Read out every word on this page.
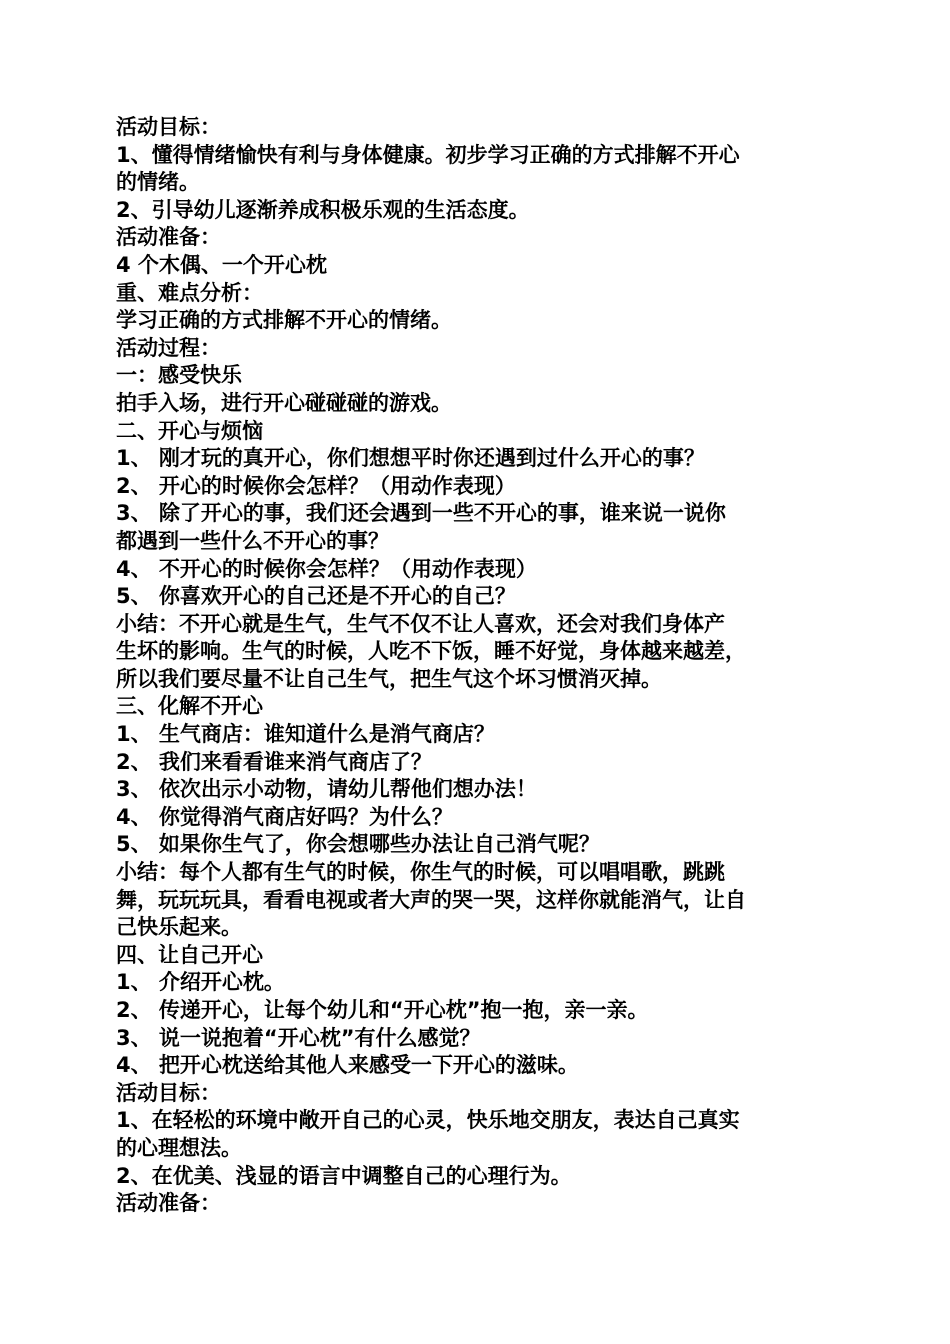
活动目标：

1、懂得情绪愉快有利与身体健康。初步学习正确的方式排解不开心

的情绪。

2、引导幼儿逐渐养成积极乐观的生活态度。

活动准备：

4 个木偶、一个开心枕

重、难点分析：

学习正确的方式排解不开心的情绪。

活动过程：

一：感受快乐

拍手入场，进行开心碰碰碰的游戏。

二、开心与烦恼

1、 刚才玩的真开心，你们想想平时你还遇到过什么开心的事？

2、 开心的时候你会怎样？（用动作表现）

3、 除了开心的事，我们还会遇到一些不开心的事，谁来说一说你

都遇到一些什么不开心的事？

4、 不开心的时候你会怎样？（用动作表现）

5、 你喜欢开心的自己还是不开心的自己？

小结：不开心就是生气，生气不仅不让人喜欢，还会对我们身体产

生坏的影响。生气的时候，人吃不下饭，睡不好觉，身体越来越差，

所以我们要尽量不让自己生气，把生气这个坏习惯消灭掉。

三、化解不开心

1、 生气商店：谁知道什么是消气商店？

2、 我们来看看谁来消气商店了？

3、 依次出示小动物，请幼儿帮他们想办法！

4、 你觉得消气商店好吗？为什么？

5、 如果你生气了，你会想哪些办法让自己消气呢？

小结：每个人都有生气的时候，你生气的时候，可以唱唱歌，跳跳

舞，玩玩玩具，看看电视或者大声的哭一哭，这样你就能消气，让自

己快乐起来。

四、让自己开心

1、 介绍开心枕。

2、 传递开心，让每个幼儿和“开心枕”抱一抱，亲一亲。

3、 说一说抱着“开心枕”有什么感觉？

4、 把开心枕送给其他人来感受一下开心的滋味。

活动目标：

1、在轻松的环境中敞开自己的心灵，快乐地交朋友，表达自己真实

的心理想法。

2、在优美、浅显的语言中调整自己的心理行为。

活动准备：
